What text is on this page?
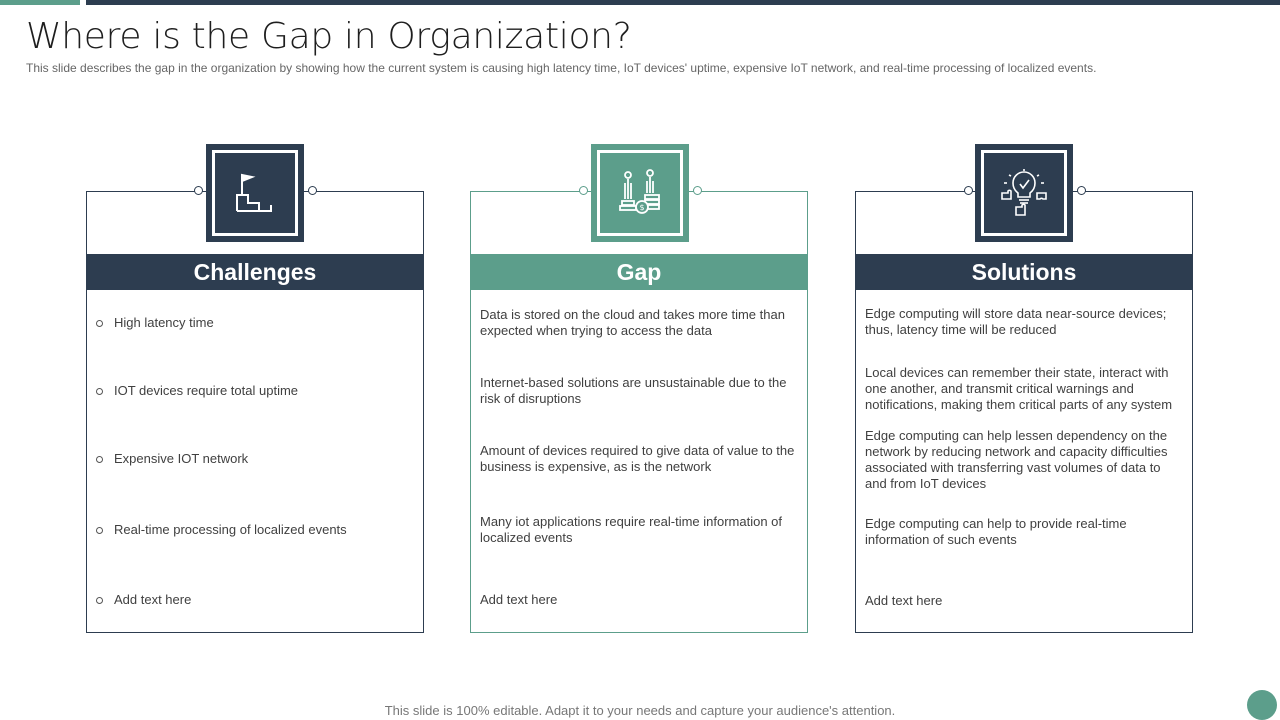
Where is the Gap in Organization?

This slide describes the gap in the organization by showing how the current system is causing high latency time, IoT devices' uptime, expensive IoT network, and real-time processing of localized events.

Challenges
High latency time
IOT devices require total uptime
Expensive IOT network
Real-time processing of localized events
Add text here
Gap
$
Data is stored on the cloud and takes more time than expected when trying to access the data
Internet-based solutions are unsustainable due to the risk of disruptions
Amount of devices required to give data of value to the business is expensive, as is the network
Many iot applications require real-time information of localized events
Add text here
Solutions
Edge computing will store data near-source devices; thus, latency time will be reduced
Local devices can remember their state, interact with one another, and transmit critical warnings and notifications, making them critical parts of any system
Edge computing can help lessen dependency on the network by reducing network and capacity difficulties associated with transferring vast volumes of data to and from IoT devices
Edge computing can help to provide real-time information of such events
Add text here

This slide is 100% editable. Adapt it to your needs and capture your audience's attention.
